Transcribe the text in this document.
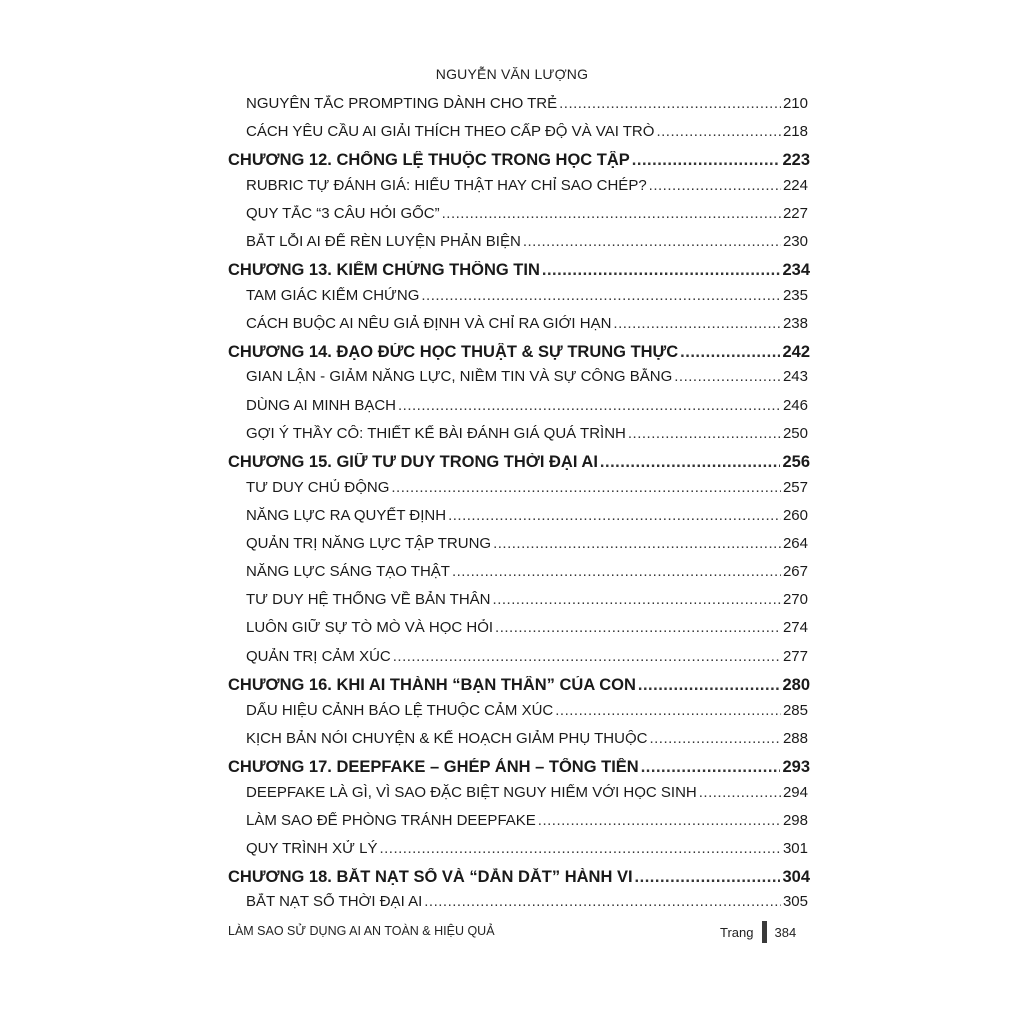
NGUYỄN VĂN LƯỢNG
NGUYÊN TẮC PROMPTING DÀNH CHO TRẺ .....	210
CÁCH YÊU CẦU AI GIẢI THÍCH THEO CẤP ĐỘ VÀ VAI TRÒ .....	218
CHƯƠNG 12. CHỐNG LỆ THUỘC TRONG HỌC TẬP .....	223
RUBRIC TỰ ĐÁNH GIÁ: HIỂU THẬT HAY CHỈ SAO CHÉP? .....	224
QUY TẮC “3 CÂU HỎI GỐC” .....	227
BẮT LỖI AI ĐỂ RÈN LUYỆN PHẢN BIỆN .....	230
CHƯƠNG 13. KIỂM CHỨNG THÔNG TIN .....	234
TAM GIÁC KIỂM CHỨNG .....	235
CÁCH BUỘC AI NÊU GIẢ ĐỊNH VÀ CHỈ RA GIỚI HẠN .....	238
CHƯƠNG 14. ĐẠO ĐỨC HỌC THUẬT & SỰ TRUNG THỰC .....	242
GIAN LẬN - GIẢM NĂNG LỰC, NIỀM TIN VÀ SỰ CÔNG BẰNG .....	243
DÙNG AI MINH BẠCH .....	246
GỢI Ý THẦY CÔ: THIẾT KẾ BÀI ĐÁNH GIÁ QUÁ TRÌNH .....	250
CHƯƠNG 15. GIỮ TƯ DUY TRONG THỜI ĐẠI AI .....	256
TƯ DUY CHỦ ĐỘNG .....	257
NĂNG LỰC RA QUYẾT ĐỊNH .....	260
QUẢN TRỊ NĂNG LỰC TẬP TRUNG .....	264
NĂNG LỰC SÁNG TẠO THẬT .....	267
TƯ DUY HỆ THỐNG VỀ BẢN THÂN .....	270
LUÔN GIỮ SỰ TÒ MÒ VÀ HỌC HỎI .....	274
QUẢN TRỊ CẢM XÚC .....	277
CHƯƠNG 16. KHI AI THÀNH “BẠN THÂN” CỦA CON .....	280
DẤU HIỆU CẢNH BÁO LỆ THUỘC CẢM XÚC .....	285
KỊCH BẢN NÓI CHUYỆN & KẾ HOẠCH GIẢM PHỤ THUỘC .....	288
CHƯƠNG 17. DEEPFAKE – GHÉP ẢNH – TỐNG TIỀN .....	293
DEEPFAKE LÀ GÌ, VÌ SAO ĐẶC BIỆT NGUY HIỂM VỚI HỌC SINH .....	294
LÀM SAO ĐỂ PHÒNG TRÁNH DEEPFAKE .....	298
QUY TRÌNH XỬ LÝ .....	301
CHƯƠNG 18. BẮT NẠT SỐ VÀ “DẪN DẮT” HÀNH VI .....	304
BẮT NẠT SỐ THỜI ĐẠI AI .....	305
LÀM SAO SỬ DỤNG AI AN TOÀN & HIỆU QUẢ	Trang 384
